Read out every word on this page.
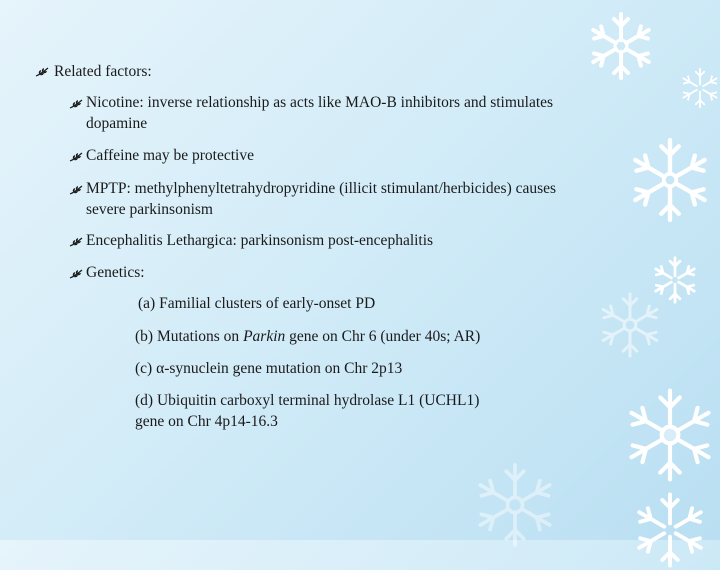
Related factors:
Nicotine: inverse relationship as acts like MAO-B inhibitors and stimulates
dopamine
Caffeine may be protective
MPTP: methylphenyltetrahydropyridine (illicit stimulant/herbicides) causes
severe parkinsonism
Encephalitis Lethargica: parkinsonism post-encephalitis
Genetics:
(a) Familial clusters of early-onset PD
(b) Mutations on Parkin gene on Chr 6 (under 40s; AR)
(c) α-synuclein gene mutation on Chr 2p13
(d) Ubiquitin carboxyl terminal hydrolase L1 (UCHL1)
gene on Chr 4p14-16.3
